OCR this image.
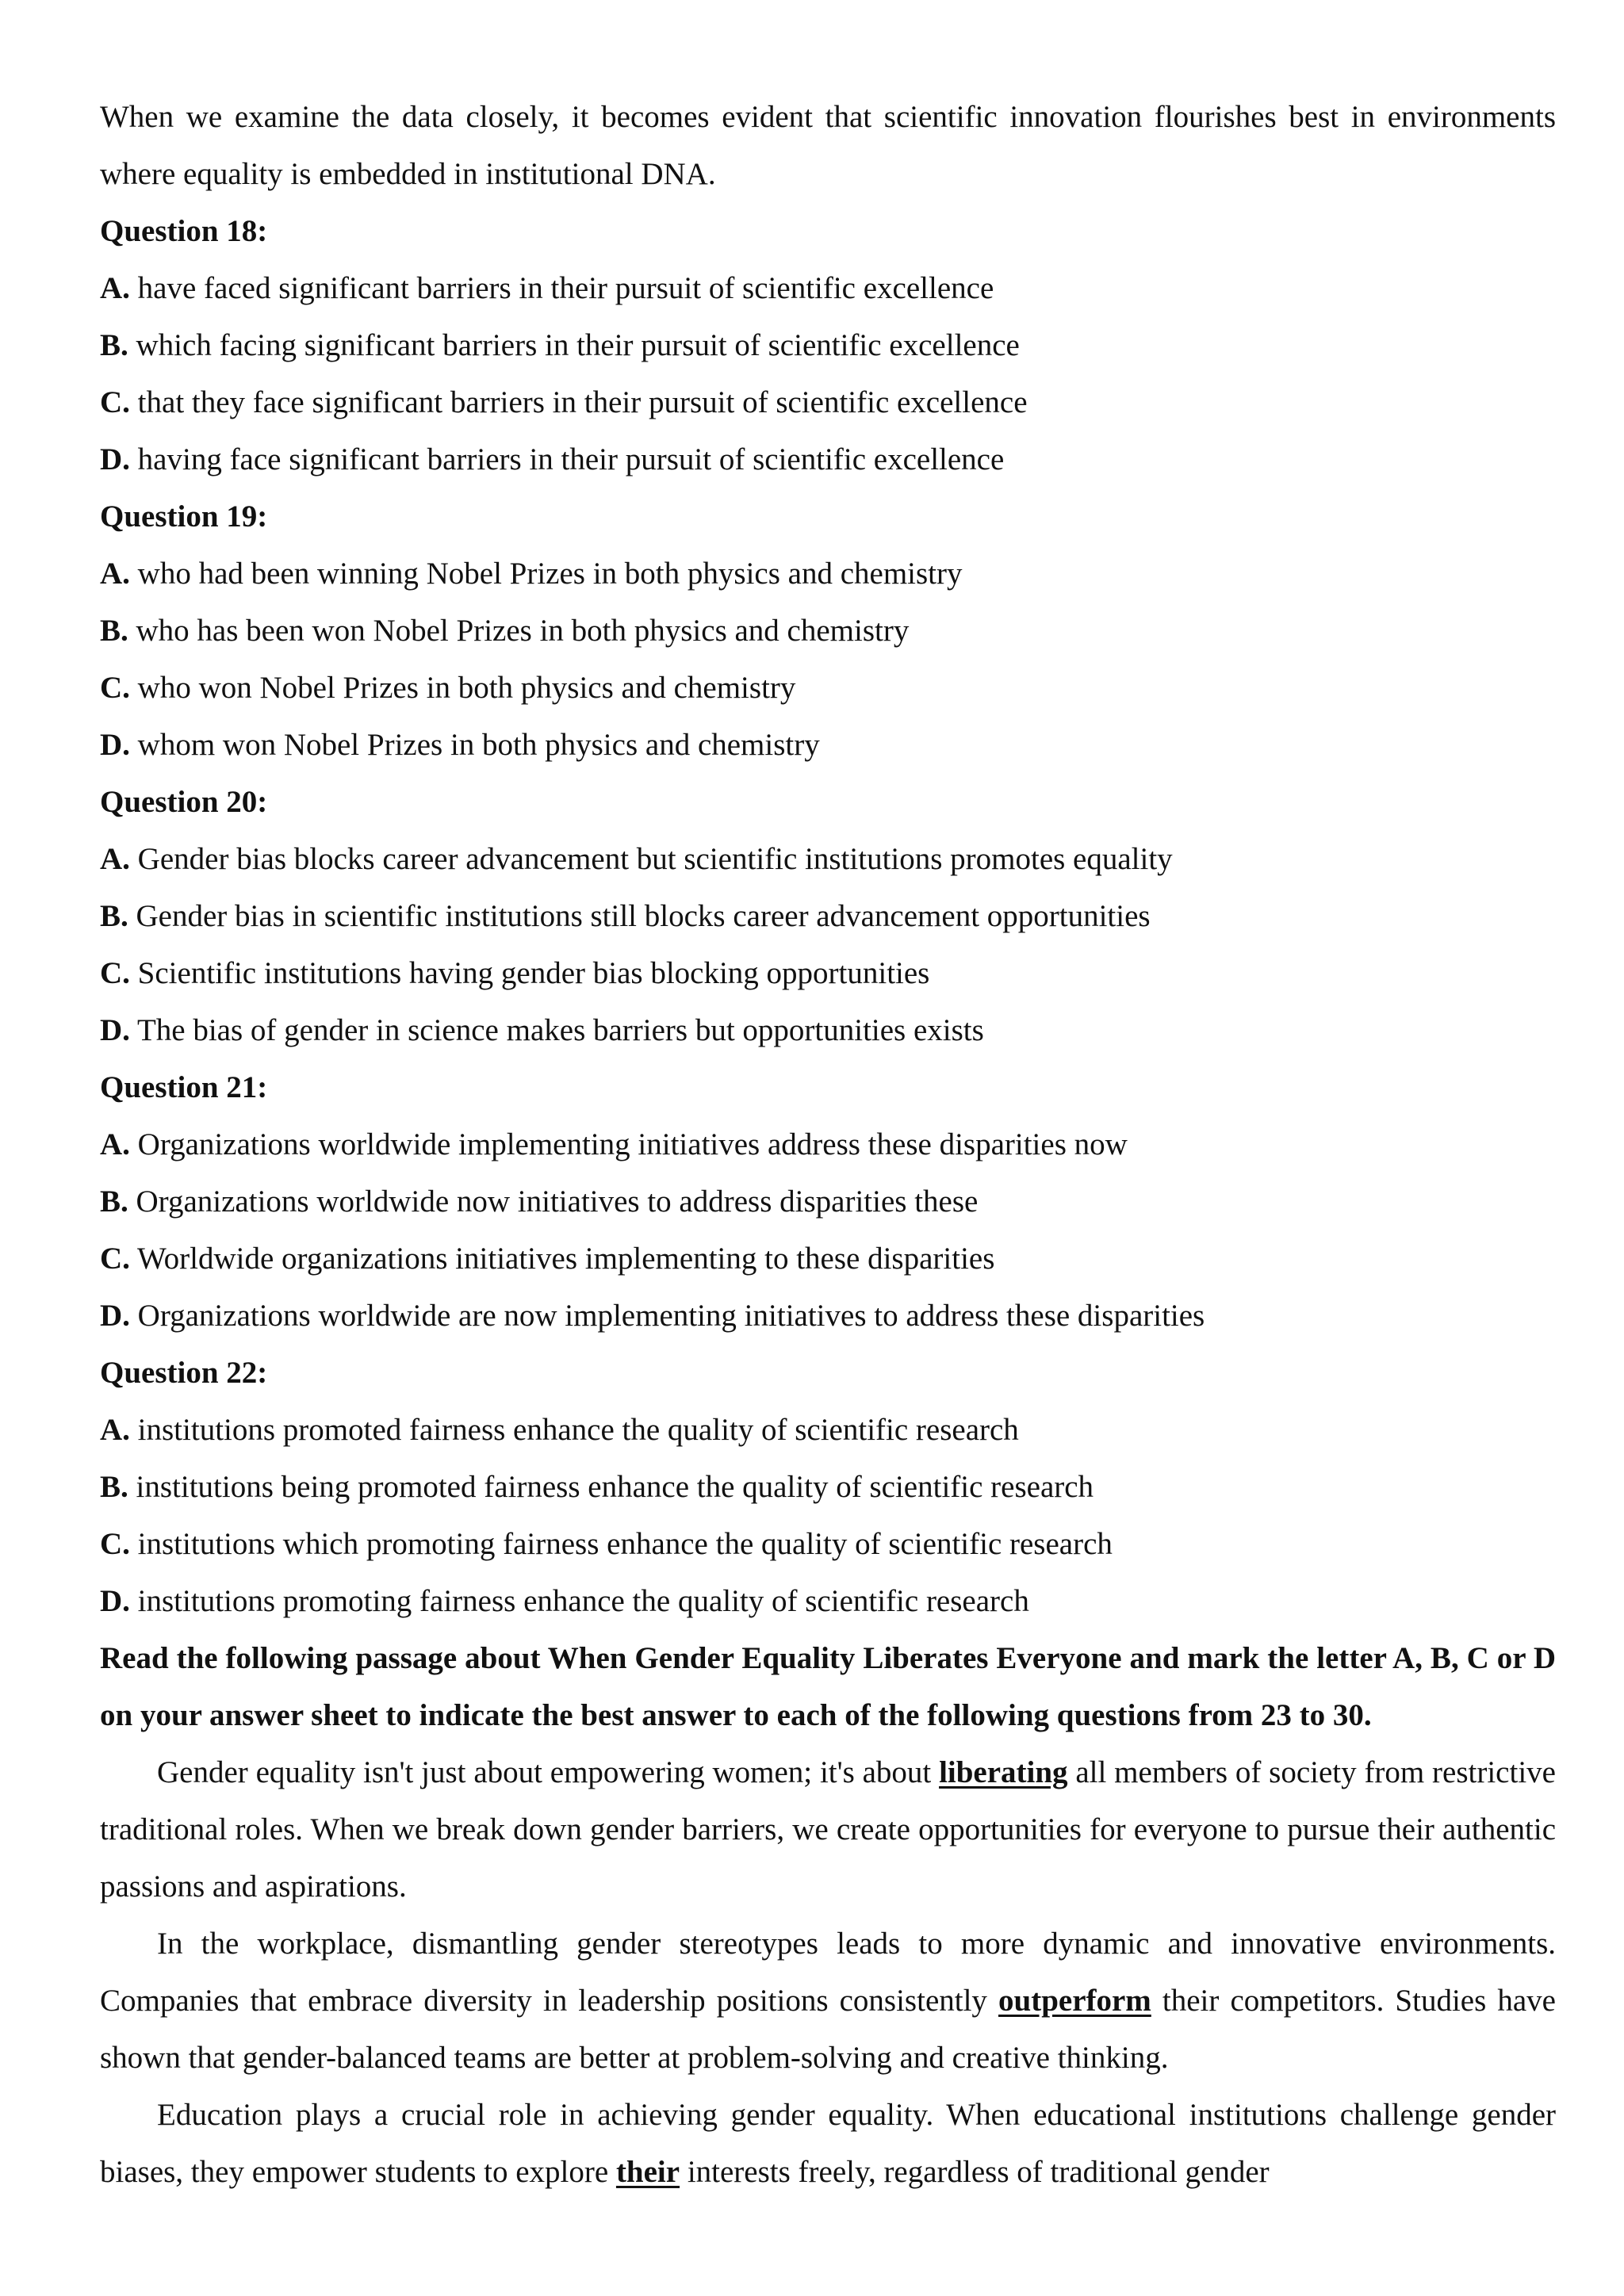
When we examine the data closely, it becomes evident that scientific innovation flourishes best in environments where equality is embedded in institutional DNA.
Question 18:
A. have faced significant barriers in their pursuit of scientific excellence
B. which facing significant barriers in their pursuit of scientific excellence
C. that they face significant barriers in their pursuit of scientific excellence
D. having face significant barriers in their pursuit of scientific excellence
Question 19:
A. who had been winning Nobel Prizes in both physics and chemistry
B. who has been won Nobel Prizes in both physics and chemistry
C. who won Nobel Prizes in both physics and chemistry
D. whom won Nobel Prizes in both physics and chemistry
Question 20:
A. Gender bias blocks career advancement but scientific institutions promotes equality
B. Gender bias in scientific institutions still blocks career advancement opportunities
C. Scientific institutions having gender bias blocking opportunities
D. The bias of gender in science makes barriers but opportunities exists
Question 21:
A. Organizations worldwide implementing initiatives address these disparities now
B. Organizations worldwide now initiatives to address disparities these
C. Worldwide organizations initiatives implementing to these disparities
D. Organizations worldwide are now implementing initiatives to address these disparities
Question 22:
A. institutions promoted fairness enhance the quality of scientific research
B. institutions being promoted fairness enhance the quality of scientific research
C. institutions which promoting fairness enhance the quality of scientific research
D. institutions promoting fairness enhance the quality of scientific research
Read the following passage about When Gender Equality Liberates Everyone and mark the letter A, B, C or D on your answer sheet to indicate the best answer to each of the following questions from 23 to 30.
Gender equality isn't just about empowering women; it's about liberating all members of society from restrictive traditional roles. When we break down gender barriers, we create opportunities for everyone to pursue their authentic passions and aspirations.
In the workplace, dismantling gender stereotypes leads to more dynamic and innovative environments. Companies that embrace diversity in leadership positions consistently outperform their competitors. Studies have shown that gender-balanced teams are better at problem-solving and creative thinking.
Education plays a crucial role in achieving gender equality. When educational institutions challenge gender biases, they empower students to explore their interests freely, regardless of traditional gender
